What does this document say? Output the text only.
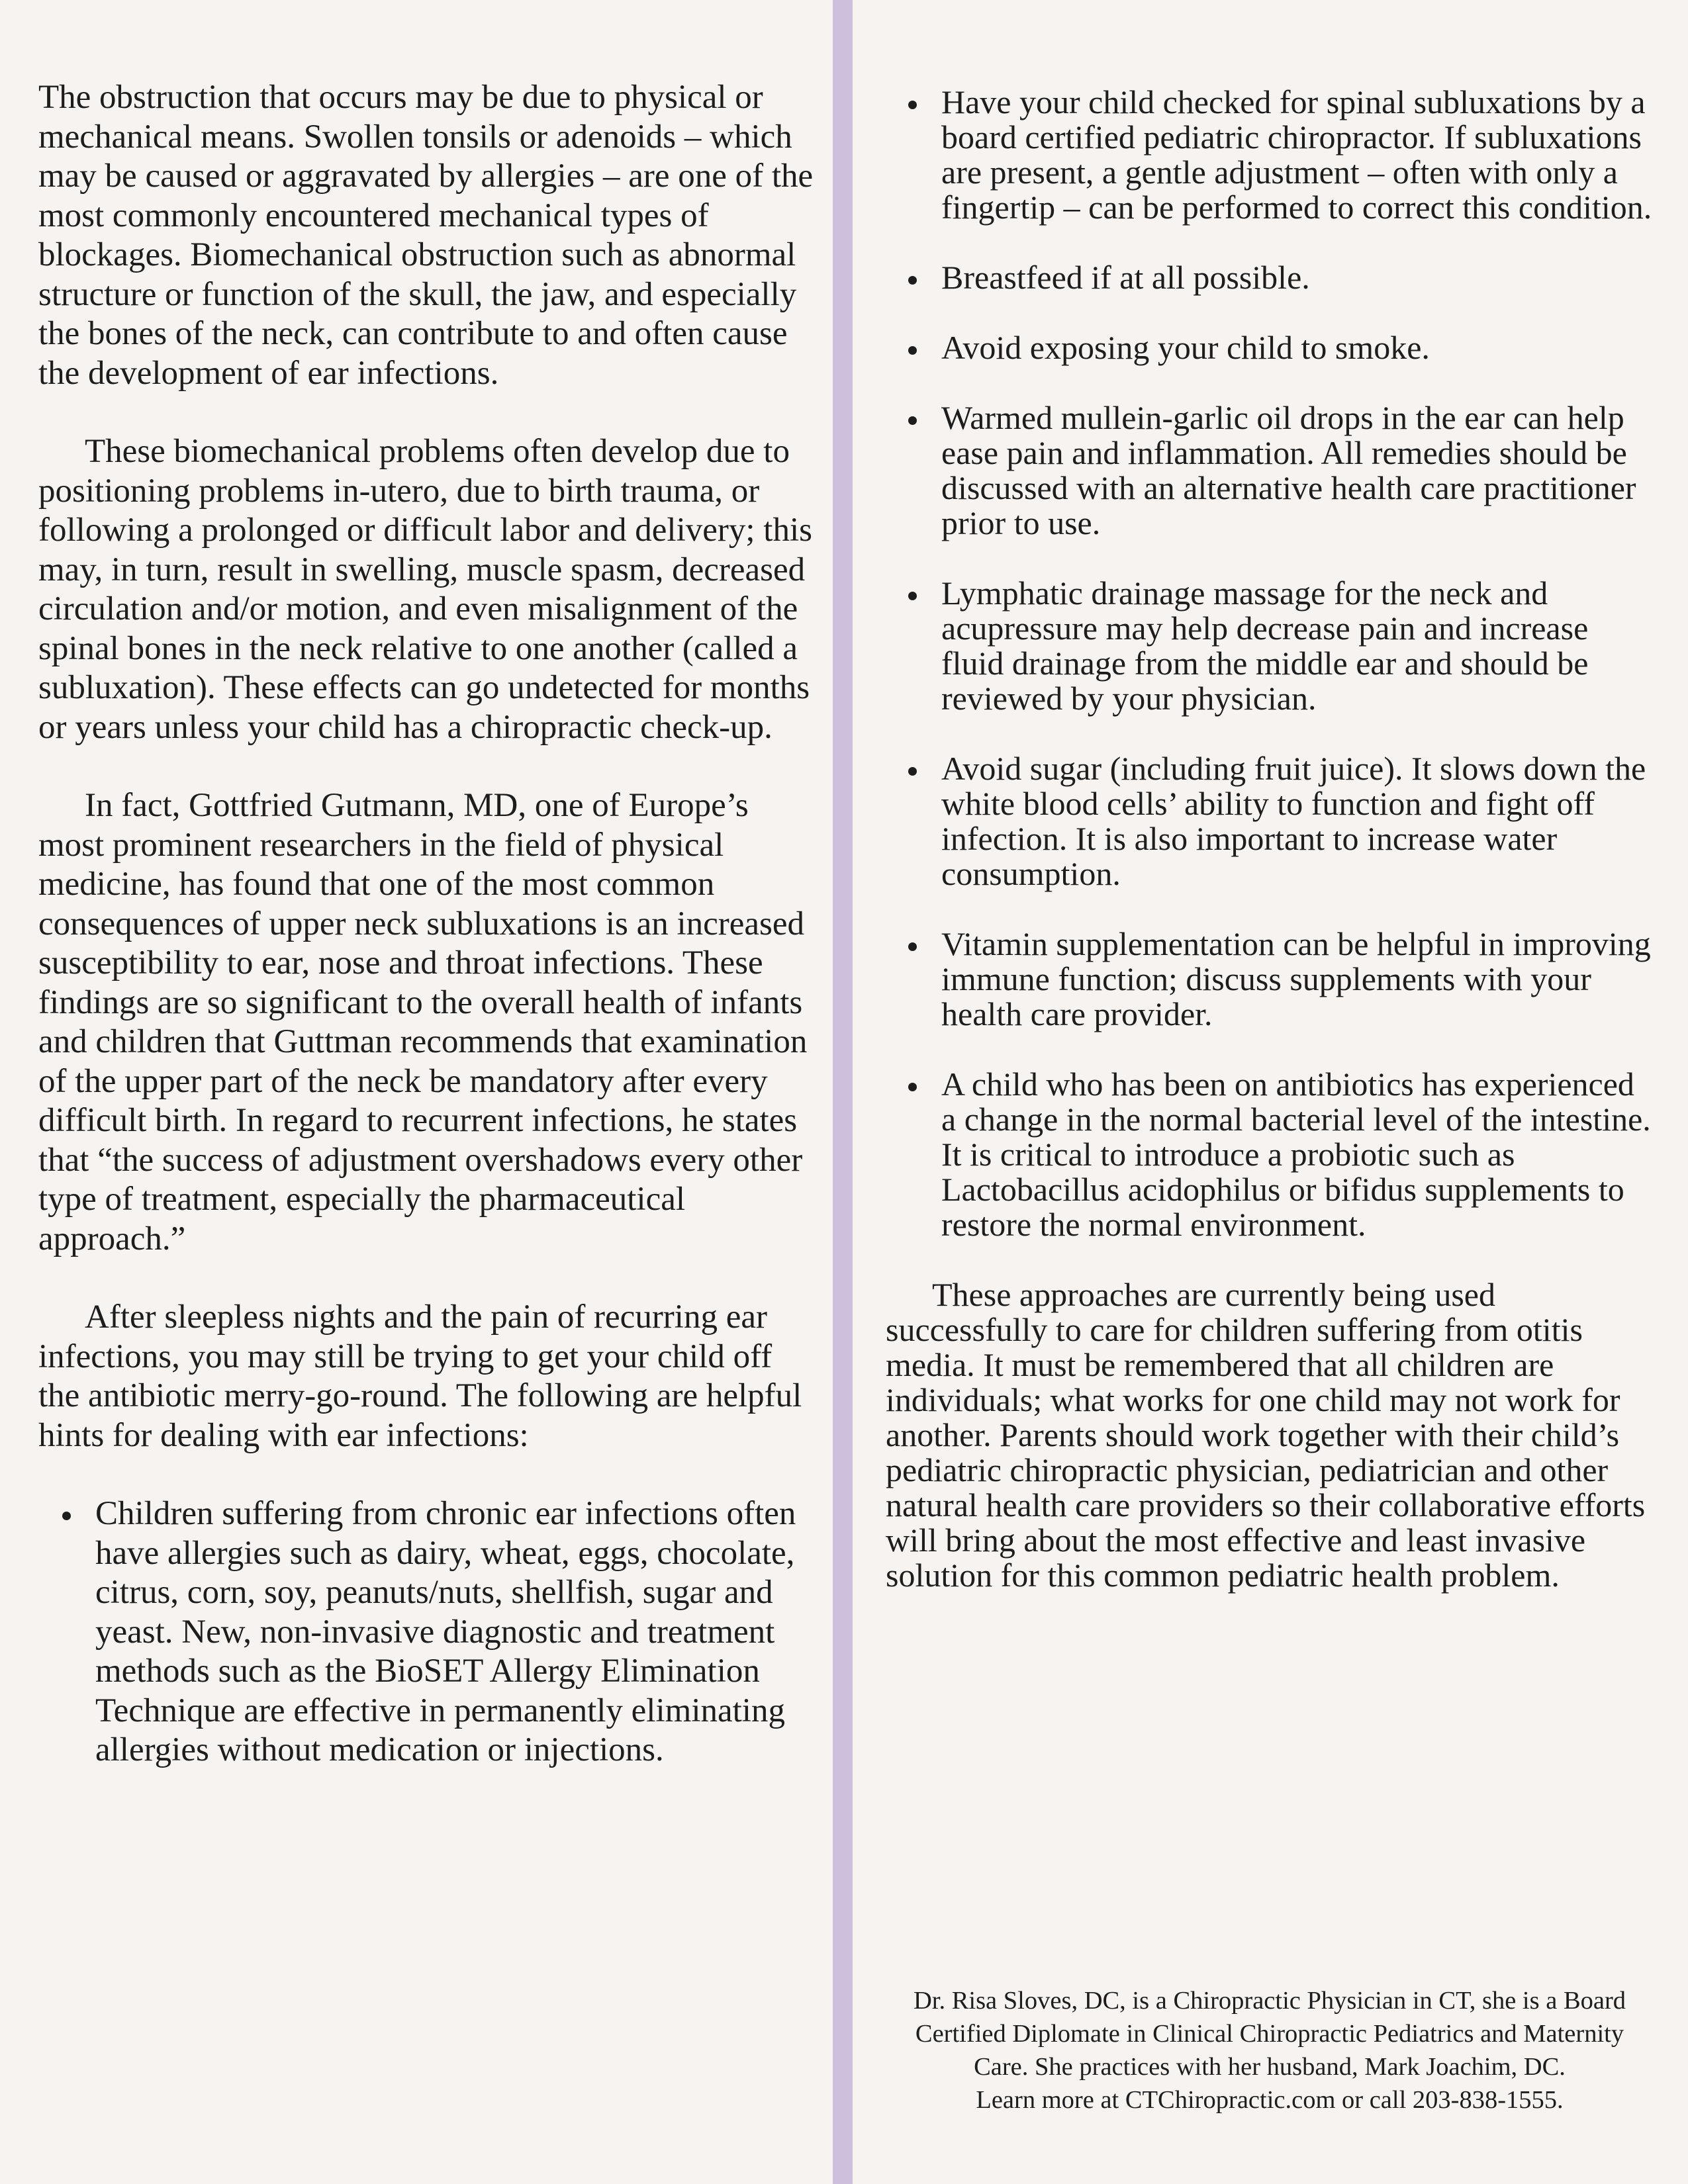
The obstruction that occurs may be due to physical or mechanical means. Swollen tonsils or adenoids – which may be caused or aggravated by allergies – are one of the most commonly encountered mechanical types of blockages. Biomechanical obstruction such as abnormal structure or function of the skull, the jaw, and especially the bones of the neck, can contribute to and often cause the development of ear infections.

These biomechanical problems often develop due to positioning problems in-utero, due to birth trauma, or following a prolonged or difficult labor and delivery; this may, in turn, result in swelling, muscle spasm, decreased circulation and/or motion, and even misalignment of the spinal bones in the neck relative to one another (called a subluxation). These effects can go undetected for months or years unless your child has a chiropractic check-up.

In fact, Gottfried Gutmann, MD, one of Europe’s most prominent researchers in the field of physical medicine, has found that one of the most common consequences of upper neck subluxations is an increased susceptibility to ear, nose and throat infections. These findings are so significant to the overall health of infants and children that Guttman recommends that examination of the upper part of the neck be mandatory after every difficult birth. In regard to recurrent infections, he states that “the success of adjustment overshadows every other type of treatment, especially the pharmaceutical approach.”

After sleepless nights and the pain of recurring ear infections, you may still be trying to get your child off the antibiotic merry-go-round. The following are helpful hints for dealing with ear infections:

Children suffering from chronic ear infections often have allergies such as dairy, wheat, eggs, chocolate, citrus, corn, soy, peanuts/nuts, shellfish, sugar and yeast. New, non-invasive diagnostic and treatment methods such as the BioSET Allergy Elimination Technique are effective in permanently eliminating allergies without medication or injections.
Have your child checked for spinal subluxations by a board certified pediatric chiropractor. If subluxations are present, a gentle adjustment – often with only a fingertip – can be performed to correct this condition.
Breastfeed if at all possible.
Avoid exposing your child to smoke.
Warmed mullein-garlic oil drops in the ear can help ease pain and inflammation. All remedies should be discussed with an alternative health care practitioner prior to use.
Lymphatic drainage massage for the neck and acupressure may help decrease pain and increase fluid drainage from the middle ear and should be reviewed by your physician.
Avoid sugar (including fruit juice). It slows down the white blood cells’ ability to function and fight off infection. It is also important to increase water consumption.
Vitamin supplementation can be helpful in improving immune function; discuss supplements with your health care provider.
A child who has been on antibiotics has experienced a change in the normal bacterial level of the intestine. It is critical to introduce a probiotic such as Lactobacillus acidophilus or bifidus supplements to restore the normal environment.

These approaches are currently being used successfully to care for children suffering from otitis media. It must be remembered that all children are individuals; what works for one child may not work for another. Parents should work together with their child’s pediatric chiropractic physician, pediatrician and other natural health care providers so their collaborative efforts will bring about the most effective and least invasive solution for this common pediatric health problem.

Dr. Risa Sloves, DC, is a Chiropractic Physician in CT, she is a Board Certified Diplomate in Clinical Chiropractic Pediatrics and Maternity Care. She practices with her husband, Mark Joachim, DC.

Learn more at CTChiropractic.com or call 203-838-1555.
